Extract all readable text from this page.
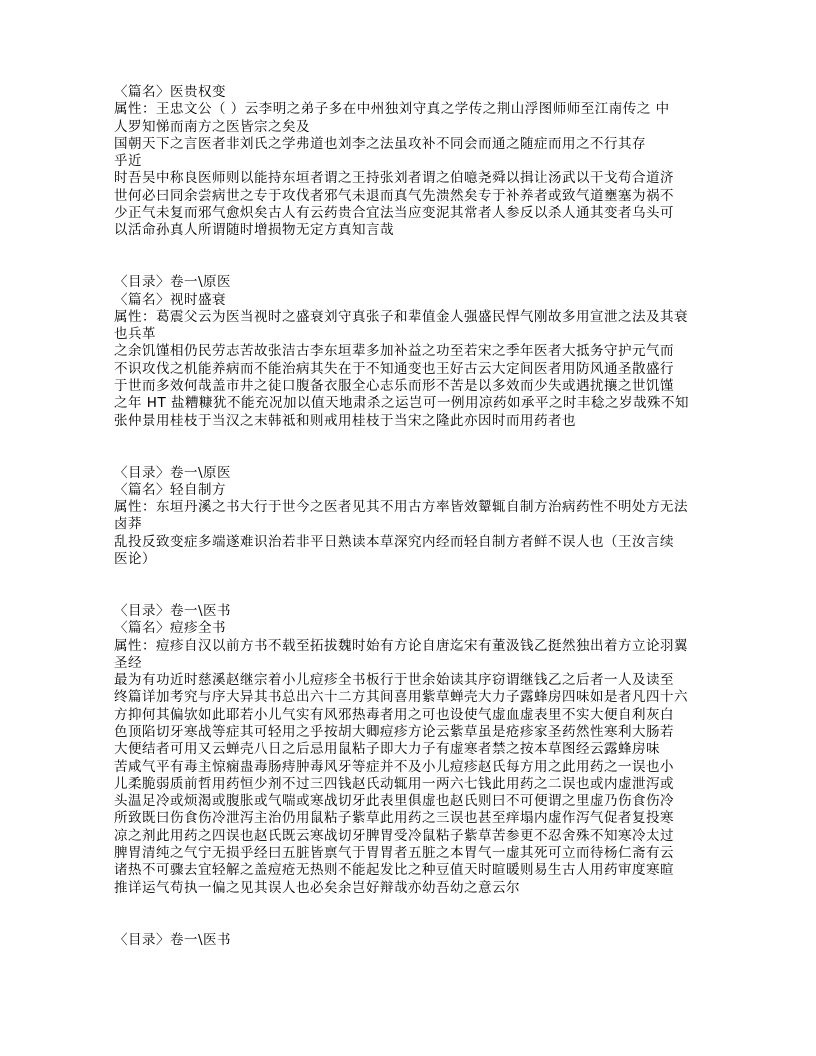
〈篇名〉医贵权变
属性：王忠文公（ ）云李明之弟子多在中州独刘守真之学传之荆山浮图师师至江南传之 中
人罗知悌而南方之医皆宗之矣及
国朝天下之言医者非刘氏之学弗道也刘李之法虽攻补不同会而通之随症而用之不行其存
乎近
时吾吴中称良医师则以能持东垣者谓之王持张刘者谓之伯噫尧舜以揖让汤武以干戈苟合道济
世何必曰同余尝病世之专于攻伐者邪气未退而真气先溃然矣专于补养者或致气道壅塞为祸不
少正气未复而邪气愈炽矣古人有云药贵合宜法当应变泥其常者人参反以杀人通其变者乌头可
以活命孙真人所谓随时增损物无定方真知言哉
〈目录〉卷一\原医
〈篇名〉视时盛衰
属性：葛震父云为医当视时之盛衰刘守真张子和辈值金人强盛民悍气刚故多用宣泄之法及其衰
也兵革
之余饥馑相仍民劳志苦故张洁古李东垣辈多加补益之功至若宋之季年医者大抵务守护元气而
不识攻伐之机能养病而不能治病其失在于不知通变也王好古云大定间医者用防风通圣散盛行
于世而多效何哉盖市井之徒口腹备衣服全心志乐而形不苦是以多效而少失或遇扰攘之世饥馑
之年 HT 盐糟糠犹不能充况加以值天地肃杀之运岂可一例用凉药如承平之时丰稔之岁哉殊不知
张仲景用桂枝于当汉之末韩祗和则戒用桂枝于当宋之隆此亦因时而用药者也
〈目录〉卷一\原医
〈篇名〉轻自制方
属性：东垣丹溪之书大行于世今之医者见其不用古方率皆效颦辄自制方治病药性不明处方无法
卤莽
乱投反致变症多端遂难识治若非平日熟读本草深究内经而轻自制方者鲜不误人也（王汝言续
医论）
〈目录〉卷一\医书
〈篇名〉痘疹全书
属性：痘疹自汉以前方书不载至拓拔魏时始有方论自唐迄宋有董汲钱乙挺然独出着方立论羽翼
圣经
最为有功近时慈溪赵继宗着小儿痘疹全书板行于世余始读其序窃谓继钱乙之后者一人及读至
终篇详加考究与序大异其书总出六十二方其间喜用紫草蝉壳大力子露蜂房四味如是者凡四十六
方抑何其偏欤如此耶若小儿气实有风邪热毒者用之可也设使气虚血虚表里不实大便自利灰白
色顶陷切牙寒战等症其可轻用之乎按胡大卿痘疹方论云紫草虽是疮疹家圣药然性寒利大肠若
大便结者可用又云蝉壳八日之后忌用鼠粘子即大力子有虚寒者禁之按本草图经云露蜂房味
苦咸气平有毒主惊痫蛊毒肠痔肿毒风牙等症并不及小儿痘疹赵氏每方用之此用药之一误也小
儿柔脆弱质前哲用药恒少剂不过三四钱赵氏动辄用一两六七钱此用药之二误也或内虚泄泻或
头温足冷或烦渴或腹胀或气喘或寒战切牙此表里俱虚也赵氏则曰不可便谓之里虚乃伤食伤冷
所致既曰伤食伤冷泄泻主治仍用鼠粘子紫草此用药之三误也甚至痒塌内虚作泻气促者复投寒
凉之剂此用药之四误也赵氏既云寒战切牙脾胃受冷鼠粘子紫草苦参更不忍舍殊不知寒冷太过
脾胃清纯之气宁无损乎经曰五脏皆禀气于胃胃者五脏之本胃气一虚其死可立而待杨仁斋有云
诸热不可骤去宜轻解之盖痘疮无热则不能起发比之种豆值天时暄暖则易生古人用药审度寒暄
推详运气苟执一偏之见其误人也必矣余岂好辩哉亦幼吾幼之意云尔
〈目录〉卷一\医书
